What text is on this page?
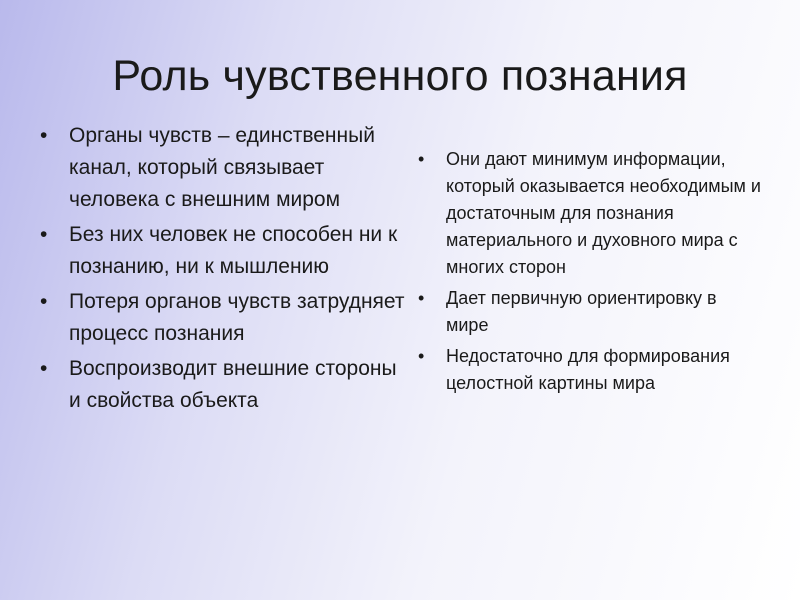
Роль чувственного познания
• Органы чувств – единственный канал, который связывает человека с внешним миром
• Без них человек не способен ни к познанию, ни к мышлению
• Потеря органов чувств затрудняет процесс познания
• Воспроизводит внешние стороны и свойства объекта
• Они дают минимум информации, который оказывается необходимым и достаточным для познания материального и духовного мира с многих сторон
• Дает первичную ориентировку в мире
• Недостаточно для формирования целостной картины мира
